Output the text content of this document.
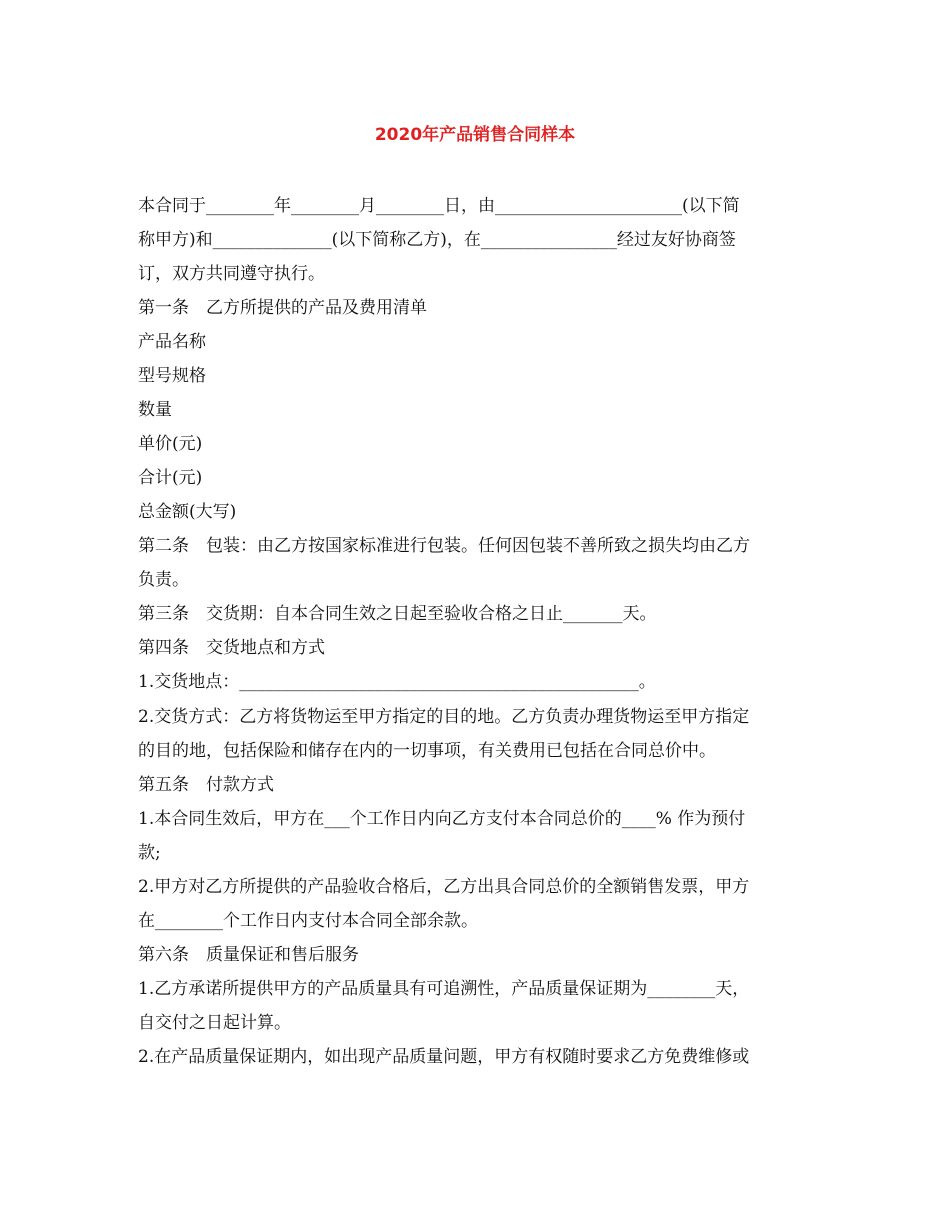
2020年产品销售合同样本
本合同于________年________月________日，由______________________(以下简
称甲方)和______________(以下简称乙方)，在________________经过友好协商签
订，双方共同遵守执行。
第一条　乙方所提供的产品及费用清单
产品名称
型号规格
数量
单价(元)
合计(元)
总金额(大写)
第二条　包装：由乙方按国家标准进行包装。任何因包装不善所致之损失均由乙方
负责。
第三条　交货期：自本合同生效之日起至验收合格之日止_______天。
第四条　交货地点和方式
1.交货地点：_______________________________________________。
2.交货方式：乙方将货物运至甲方指定的目的地。乙方负责办理货物运至甲方指定
的目的地，包括保险和储存在内的一切事项，有关费用已包括在合同总价中。
第五条　付款方式
1.本合同生效后，甲方在___个工作日内向乙方支付本合同总价的____% 作为预付
款;
2.甲方对乙方所提供的产品验收合格后，乙方出具合同总价的全额销售发票，甲方
在________个工作日内支付本合同全部余款。
第六条　质量保证和售后服务
1.乙方承诺所提供甲方的产品质量具有可追溯性，产品质量保证期为________天，
自交付之日起计算。
2.在产品质量保证期内，如出现产品质量问题，甲方有权随时要求乙方免费维修或
